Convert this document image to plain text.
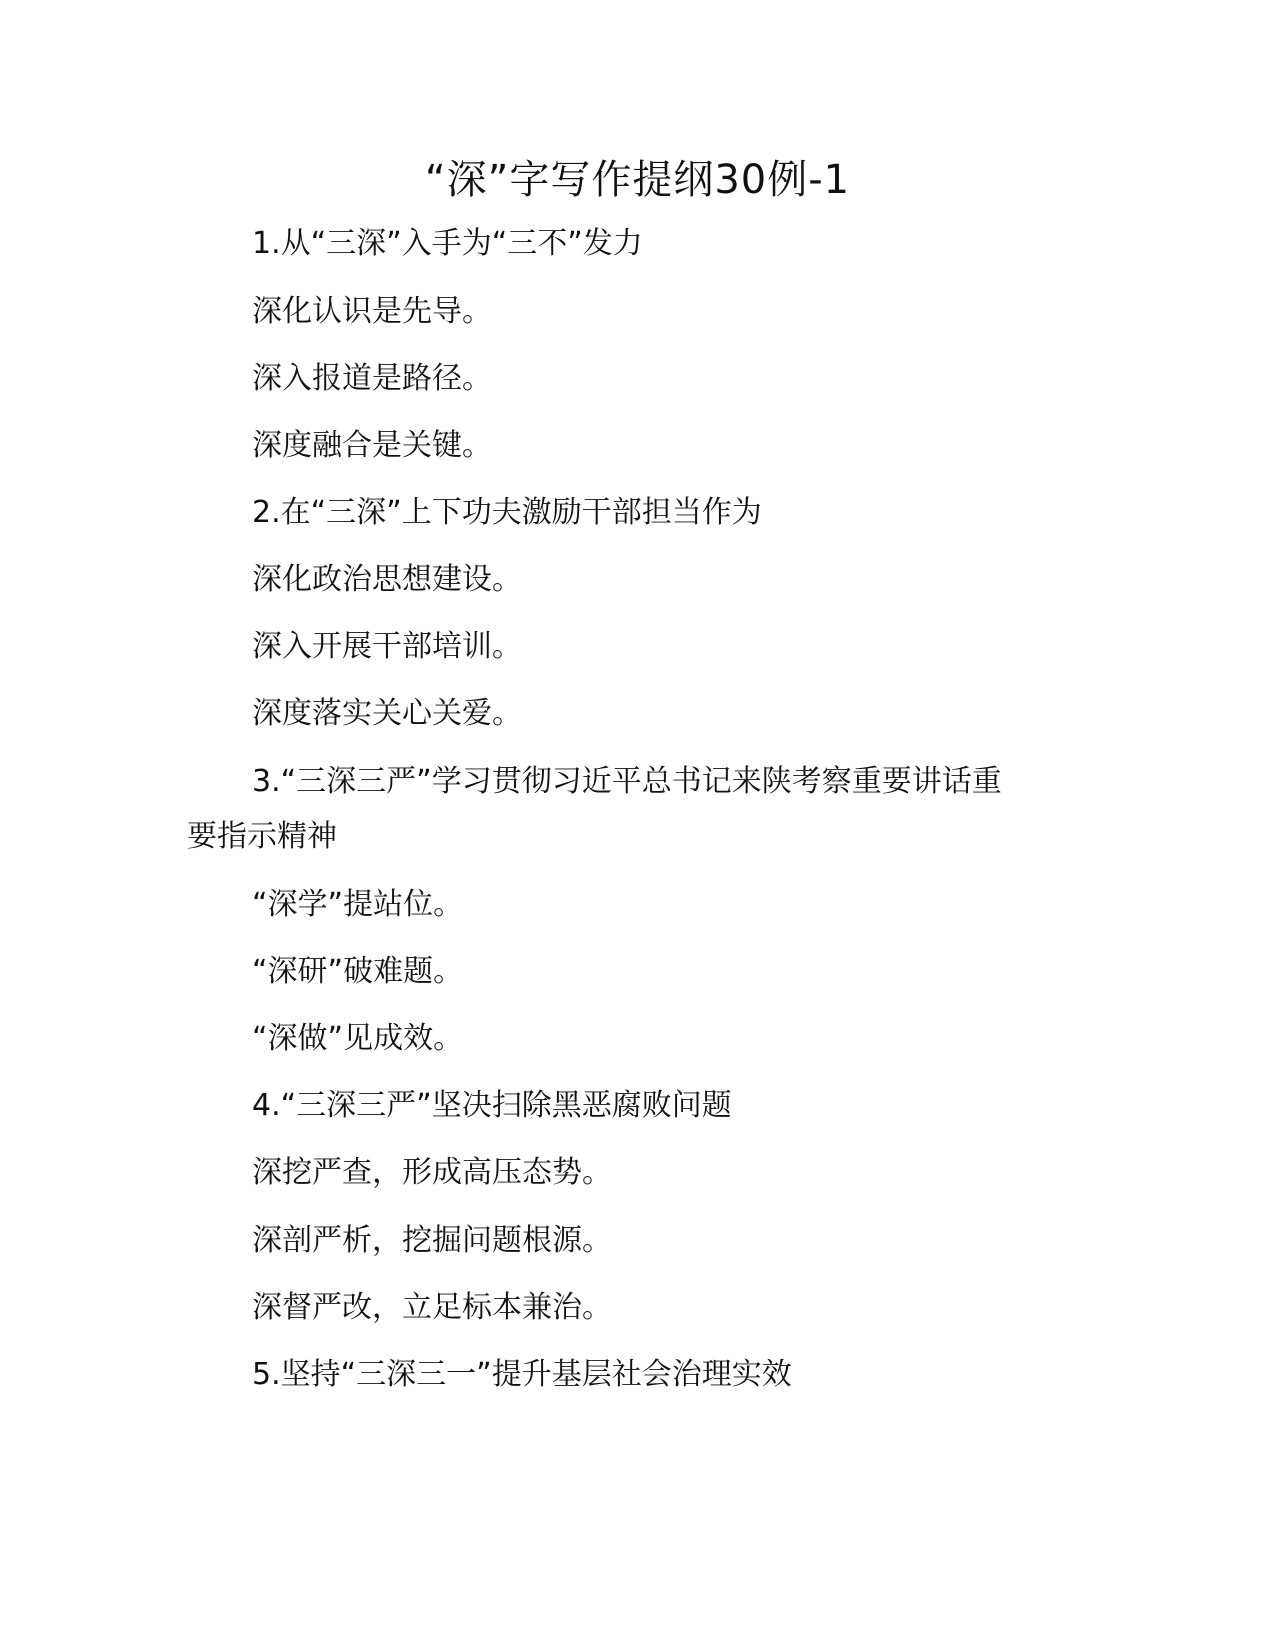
“深”字写作提纲30例-1

1.从“三深”入手为“三不”发力

深化认识是先导。

深入报道是路径。

深度融合是关键。

2.在“三深”上下功夫激励干部担当作为

深化政治思想建设。

深入开展干部培训。

深度落实关心关爱。

3.“三深三严”学习贯彻习近平总书记来陕考察重要讲话重

要指示精神

“深学”提站位。

“深研”破难题。

“深做”见成效。

4.“三深三严”坚决扫除黑恶腐败问题

深挖严查，形成高压态势。

深剖严析，挖掘问题根源。

深督严改，立足标本兼治。

5.坚持“三深三一”提升基层社会治理实效
